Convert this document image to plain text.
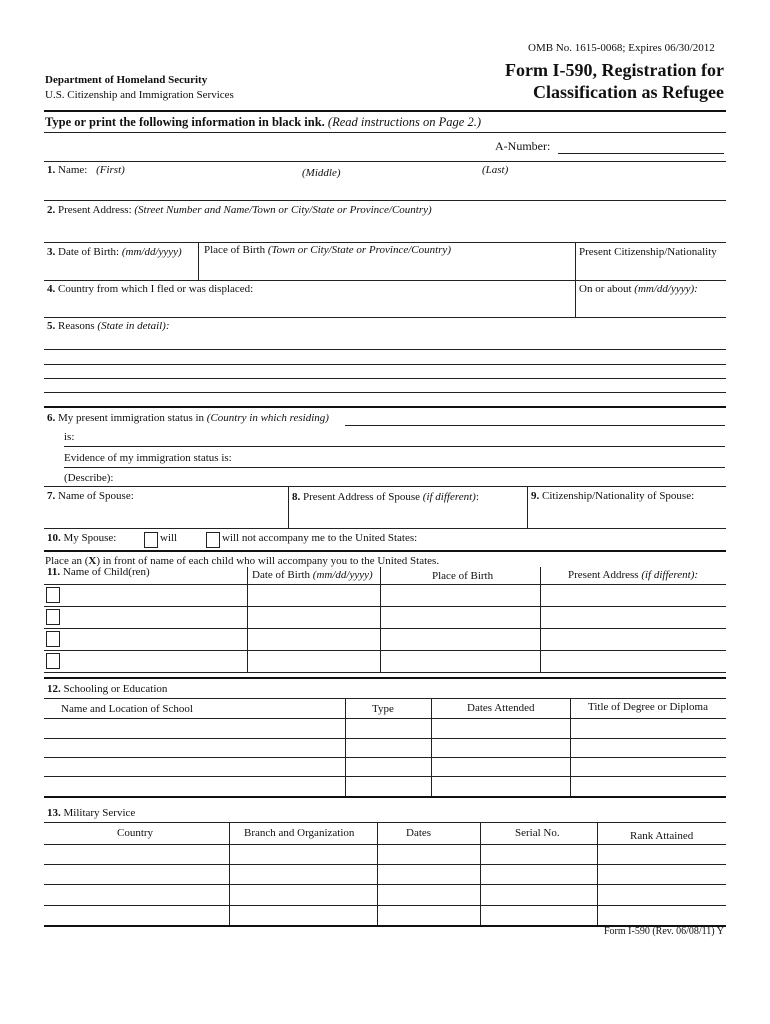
OMB No. 1615-0068; Expires 06/30/2012
Department of Homeland Security
U.S. Citizenship and Immigration Services
Form I-590, Registration for
Classification as Refugee
Type or print the following information in black ink. (Read instructions on Page 2.)
A-Number:
1. Name: (First)	(Middle)	(Last)
2. Present Address: (Street Number and Name/Town or City/State or Province/Country)
3. Date of Birth: (mm/dd/yyyy) Place of Birth (Town or City/State or Province/Country)	Present Citizenship/Nationality
4. Country from which I fled or was displaced:	On or about (mm/dd/yyyy):
5. Reasons (State in detail):
6. My present immigration status in (Country in which residing)
is:
Evidence of my immigration status is:
(Describe):
7. Name of Spouse:	8. Present Address of Spouse (if different):	9. Citizenship/Nationality of Spouse:
10. My Spouse:	will	will not accompany me to the United States:
Place an (X) in front of name of each child who will accompany you to the United States.
11. Name of Child(ren)	Date of Birth (mm/dd/yyyy)	Place of Birth	Present Address (if different):
12. Schooling or Education
Name and Location of School	Type	Dates Attended	Title of Degree or Diploma
13. Military Service
Country	Branch and Organization	Dates	Serial No.	Rank Attained
Form I-590 (Rev. 06/08/11) Y
